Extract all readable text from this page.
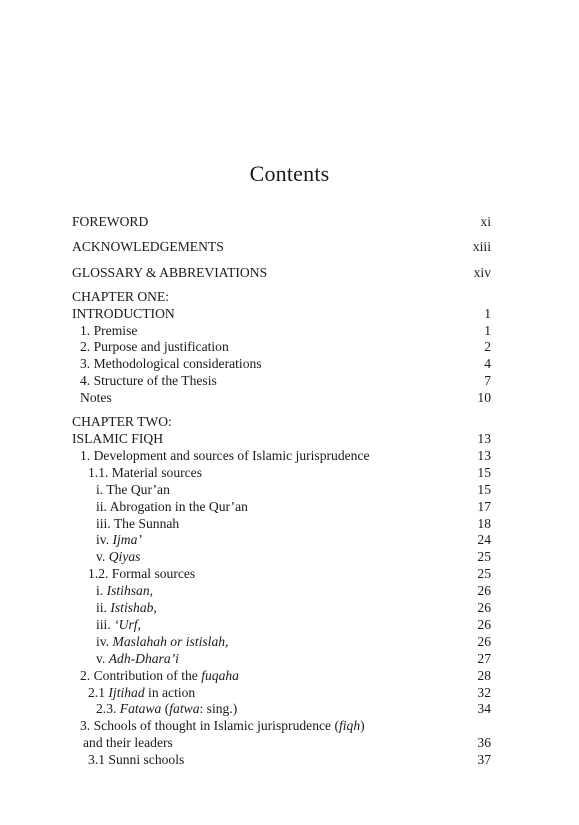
Contents
FOREWORD	xi
ACKNOWLEDGEMENTS	xiii
GLOSSARY & ABBREVIATIONS	xiv
CHAPTER ONE:
INTRODUCTION	1
1. Premise	1
2. Purpose and justification	2
3. Methodological considerations	4
4. Structure of the Thesis	7
Notes	10
CHAPTER TWO:
ISLAMIC FIQH	13
1. Development and sources of Islamic jurisprudence	13
1.1. Material sources	15
i. The Qur’an	15
ii. Abrogation in the Qur’an	17
iii. The Sunnah	18
iv. Ijma’	24
v. Qiyas	25
1.2. Formal sources	25
i. Istihsan,	26
ii. Istishab,	26
iii. ‘Urf,	26
iv. Maslahah or istislah,	26
v. Adh-Dhara’i	27
2. Contribution of the fuqaha	28
2.1 Ijtihad in action	32
2.3. Fatawa (fatwa: sing.)	34
3. Schools of thought in Islamic jurisprudence (fiqh)
and their leaders	36
3.1 Sunni schools	37
